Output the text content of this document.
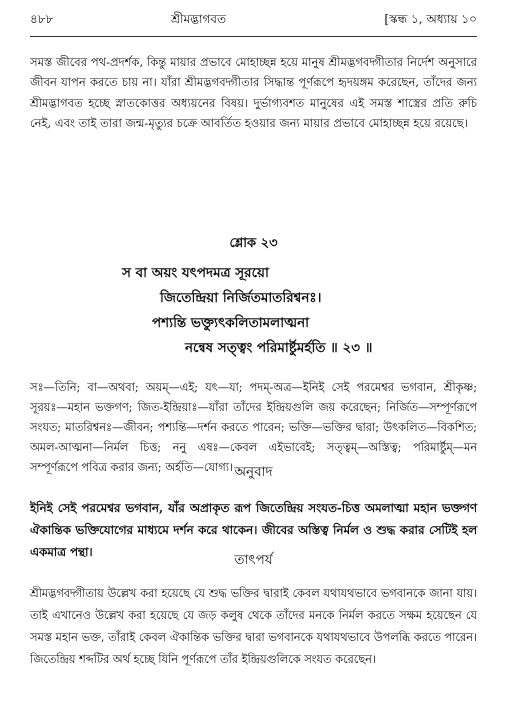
৪৮৮	শ্রীমদ্ভাগবত	[স্কন্ধ ১, অধ্যায় ১০

সমস্ত জীবের পথ-প্রদর্শক, কিন্তু মায়ার প্রভাবে মোহাচ্ছন্ন হয়ে মানুষ শ্রীমদ্ভগবদ্গীতার নির্দেশ অনুসারে জীবন যাপন করতে চায় না। যাঁরা শ্রীমদ্ভগবদ্গীতার সিদ্ধান্ত পূর্ণরূপে হৃদয়ঙ্গম করেছেন, তাঁদের জন্য শ্রীমদ্ভাগবত হচ্ছে স্নাতকোত্তর অধ্যয়নের বিষয়। দুর্ভাগ্যবশত মানুষের এই সমস্ত শাস্ত্রের প্রতি রুচি নেই, এবং তাই তারা জন্ম-মৃত্যুর চক্রে আবর্তিত হওয়ার জন্য মায়ার প্রভাবে মোহাচ্ছন্ন হয়ে রয়েছে।

শ্লোক ২৩
স বা অয়ং যৎপদমত্র সূরয়ো
জিতেন্দ্রিয়া নির্জিতমাতরিশ্বনঃ।
পশ্যন্তি ভক্ত্যুৎকলিতামলাত্মনা
নন্বেষ সত্ত্বং পরিমার্ষ্টুমর্হতি ॥ ২৩ ॥

সঃ—তিনি; বা—অথবা; অয়ম্—এই; যৎ—যা; পদম্-অত্র—ইনিই সেই পরমেশ্বর ভগবান, শ্রীকৃষ্ণ; সূরয়ঃ—মহান ভক্তগণ; জিত-ইন্দ্রিয়াঃ—যাঁরা তাঁদের ইন্দ্রিয়গুলি জয় করেছেন; নির্জিত—সম্পূর্ণরূপে সংযত; মাতরিশ্বনঃ—জীবন; পশ্যন্তি—দর্শন করতে পারেন; ভক্তি—ভক্তির দ্বারা; উৎকলিত—বিকশিত; অমল-আত্মনা—নির্মল চিত্ত; ননু এষঃ—কেবল এইভাবেই; সত্ত্বম্—অস্তিত্ব; পরিমার্ষ্টুম্—মন সম্পূর্ণরূপে পবিত্র করার জন্য; অর্হতি—যোগ্য। অনুবাদ

ইনিই সেই পরমেশ্বর ভগবান, যাঁর অপ্রাকৃত রূপ জিতেন্দ্রিয় সংযত-চিত্ত অমলাত্মা মহান ভক্তগণ ঐকান্তিক ভক্তিযোগের মাধ্যমে দর্শন করে থাকেন। জীবের অস্তিত্ব নির্মল ও শুদ্ধ করার সেটিই হল একমাত্র পন্থা।

তাৎপর্য

শ্রীমদ্ভগবদ্গীতায় উল্লেখ করা হয়েছে যে শুদ্ধ ভক্তির দ্বারাই কেবল যথাযথভাবে ভগবানকে জানা যায়। তাই এখানেও উল্লেখ করা হয়েছে যে জড় কলুষ থেকে তাঁদের মনকে নির্মল করতে সক্ষম হয়েছেন যে সমস্ত মহান ভক্ত, তাঁরাই কেবল ঐকান্তিক ভক্তির দ্বারা ভগবানকে যথাযথভাবে উপলব্ধি করতে পারেন। জিতেন্দ্রিয় শব্দটির অর্থ হচ্ছে যিনি পূর্ণরূপে তাঁর ইন্দ্রিয়গুলিকে সংযত করেছেন।
